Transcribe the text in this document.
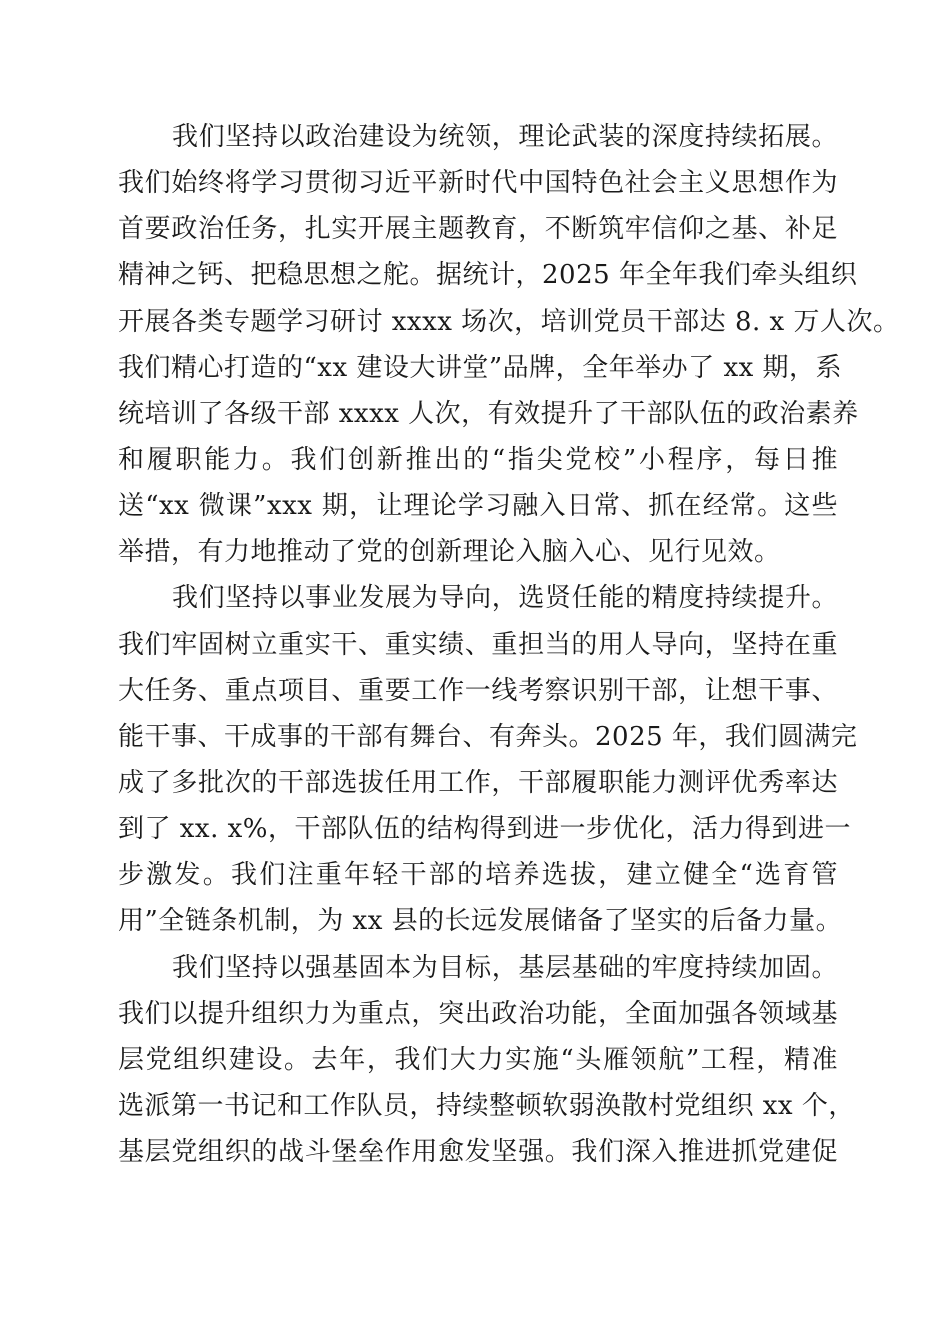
我们坚持以政治建设为统领，理论武装的深度持续拓展。
我们始终将学习贯彻习近平新时代中国特色社会主义思想作为
首要政治任务，扎实开展主题教育，不断筑牢信仰之基、补足
精神之钙、把稳思想之舵。据统计，2025 年全年我们牵头组织
开展各类专题学习研讨 xxxx 场次，培训党员干部达 8. x 万人次。
我们精心打造的“xx 建设大讲堂”品牌，全年举办了 xx 期，系
统培训了各级干部 xxxx 人次，有效提升了干部队伍的政治素养
和履职能力。我们创新推出的“指尖党校”小程序，每日推
送“xx 微课”xxx 期，让理论学习融入日常、抓在经常。这些
举措，有力地推动了党的创新理论入脑入心、见行见效。
我们坚持以事业发展为导向，选贤任能的精度持续提升。
我们牢固树立重实干、重实绩、重担当的用人导向，坚持在重
大任务、重点项目、重要工作一线考察识别干部，让想干事、
能干事、干成事的干部有舞台、有奔头。2025 年，我们圆满完
成了多批次的干部选拔任用工作，干部履职能力测评优秀率达
到了 xx. x%，干部队伍的结构得到进一步优化，活力得到进一
步激发。我们注重年轻干部的培养选拔，建立健全“选育管
用”全链条机制，为 xx 县的长远发展储备了坚实的后备力量。
我们坚持以强基固本为目标，基层基础的牢度持续加固。
我们以提升组织力为重点，突出政治功能，全面加强各领域基
层党组织建设。去年，我们大力实施“头雁领航”工程，精准
选派第一书记和工作队员，持续整顿软弱涣散村党组织 xx 个，
基层党组织的战斗堡垒作用愈发坚强。我们深入推进抓党建促
